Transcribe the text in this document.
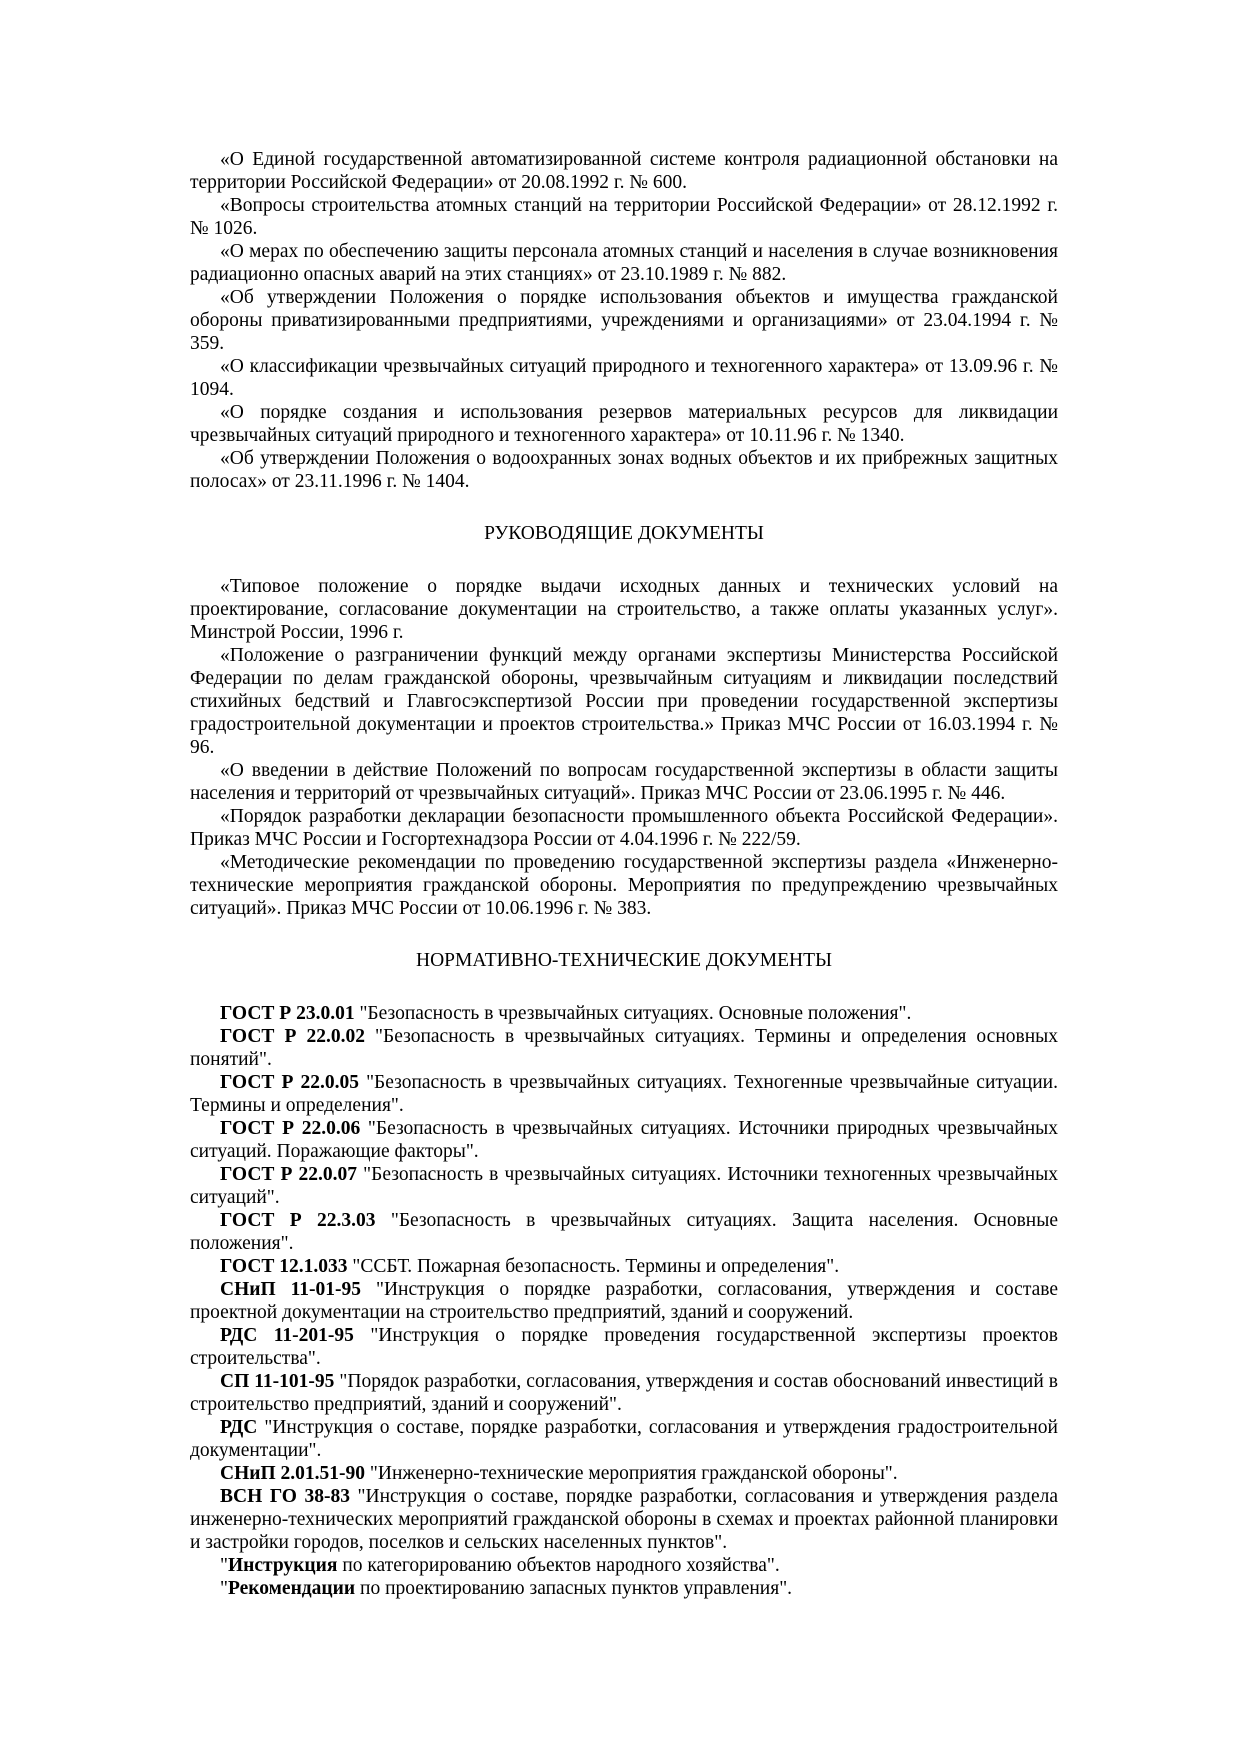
«О Единой государственной автоматизированной системе контроля радиационной обстановки на территории Российской Федерации» от 20.08.1992 г. № 600.

«Вопросы строительства атомных станций на территории Российской Федерации» от 28.12.1992 г. № 1026.

«О мерах по обеспечению защиты персонала атомных станций и населения в случае возникновения радиационно опасных аварий на этих станциях» от 23.10.1989 г. № 882.

«Об утверждении Положения о порядке использования объектов и имущества гражданской обороны приватизированными предприятиями, учреждениями и организациями» от 23.04.1994 г. № 359.

«О классификации чрезвычайных ситуаций природного и техногенного характера» от 13.09.96 г. № 1094.

«О порядке создания и использования резервов материальных ресурсов для ликвидации чрезвычайных ситуаций природного и техногенного характера» от 10.11.96 г. № 1340.

«Об утверждении Положения о водоохранных зонах водных объектов и их прибрежных защитных полосах» от 23.11.1996 г. № 1404.

РУКОВОДЯЩИЕ ДОКУМЕНТЫ

«Типовое положение о порядке выдачи исходных данных и технических условий на проектирование, согласование документации на строительство, а также оплаты указанных услуг». Минстрой России, 1996 г.

«Положение о разграничении функций между органами экспертизы Министерства Российской Федерации по делам гражданской обороны, чрезвычайным ситуациям и ликвидации последствий стихийных бедствий и Главгосэкспертизой России при проведении государственной экспертизы градостроительной документации и проектов строительства.» Приказ МЧС России от 16.03.1994 г. № 96.

«О введении в действие Положений по вопросам государственной экспертизы в области защиты населения и территорий от чрезвычайных ситуаций». Приказ МЧС России от 23.06.1995 г. № 446.

«Порядок разработки декларации безопасности промышленного объекта Российской Федерации». Приказ МЧС России и Госгортехнадзора России от 4.04.1996 г. № 222/59.

«Методические рекомендации по проведению государственной экспертизы раздела «Инженерно-технические мероприятия гражданской обороны. Мероприятия по предупреждению чрезвычайных ситуаций». Приказ МЧС России от 10.06.1996 г. № 383.

НОРМАТИВНО-ТЕХНИЧЕСКИЕ ДОКУМЕНТЫ

ГОСТ Р 23.0.01 "Безопасность в чрезвычайных ситуациях. Основные положения".

ГОСТ Р 22.0.02 "Безопасность в чрезвычайных ситуациях. Термины и определения основных понятий".

ГОСТ Р 22.0.05 "Безопасность в чрезвычайных ситуациях. Техногенные чрезвычайные ситуации. Термины и определения".

ГОСТ Р 22.0.06 "Безопасность в чрезвычайных ситуациях. Источники природных чрезвычайных ситуаций. Поражающие факторы".

ГОСТ Р 22.0.07 "Безопасность в чрезвычайных ситуациях. Источники техногенных чрезвычайных ситуаций".

ГОСТ Р 22.3.03 "Безопасность в чрезвычайных ситуациях. Защита населения. Основные положения".

ГОСТ 12.1.033 "ССБТ. Пожарная безопасность. Термины и определения".

СНиП 11-01-95 "Инструкция о порядке разработки, согласования, утверждения и составе проектной документации на строительство предприятий, зданий и сооружений.

РДС 11-201-95 "Инструкция о порядке проведения государственной экспертизы проектов строительства".

СП 11-101-95 "Порядок разработки, согласования, утверждения и состав обоснований инвестиций в строительство предприятий, зданий и сооружений".

РДС "Инструкция о составе, порядке разработки, согласования и утверждения градостроительной документации".

СНиП 2.01.51-90 "Инженерно-технические мероприятия гражданской обороны".

ВСН ГО 38-83 "Инструкция о составе, порядке разработки, согласования и утверждения раздела инженерно-технических мероприятий гражданской обороны в схемах и проектах районной планировки и застройки городов, поселков и сельских населенных пунктов".

"Инструкция по категорированию объектов народного хозяйства".

"Рекомендации по проектированию запасных пунктов управления".
